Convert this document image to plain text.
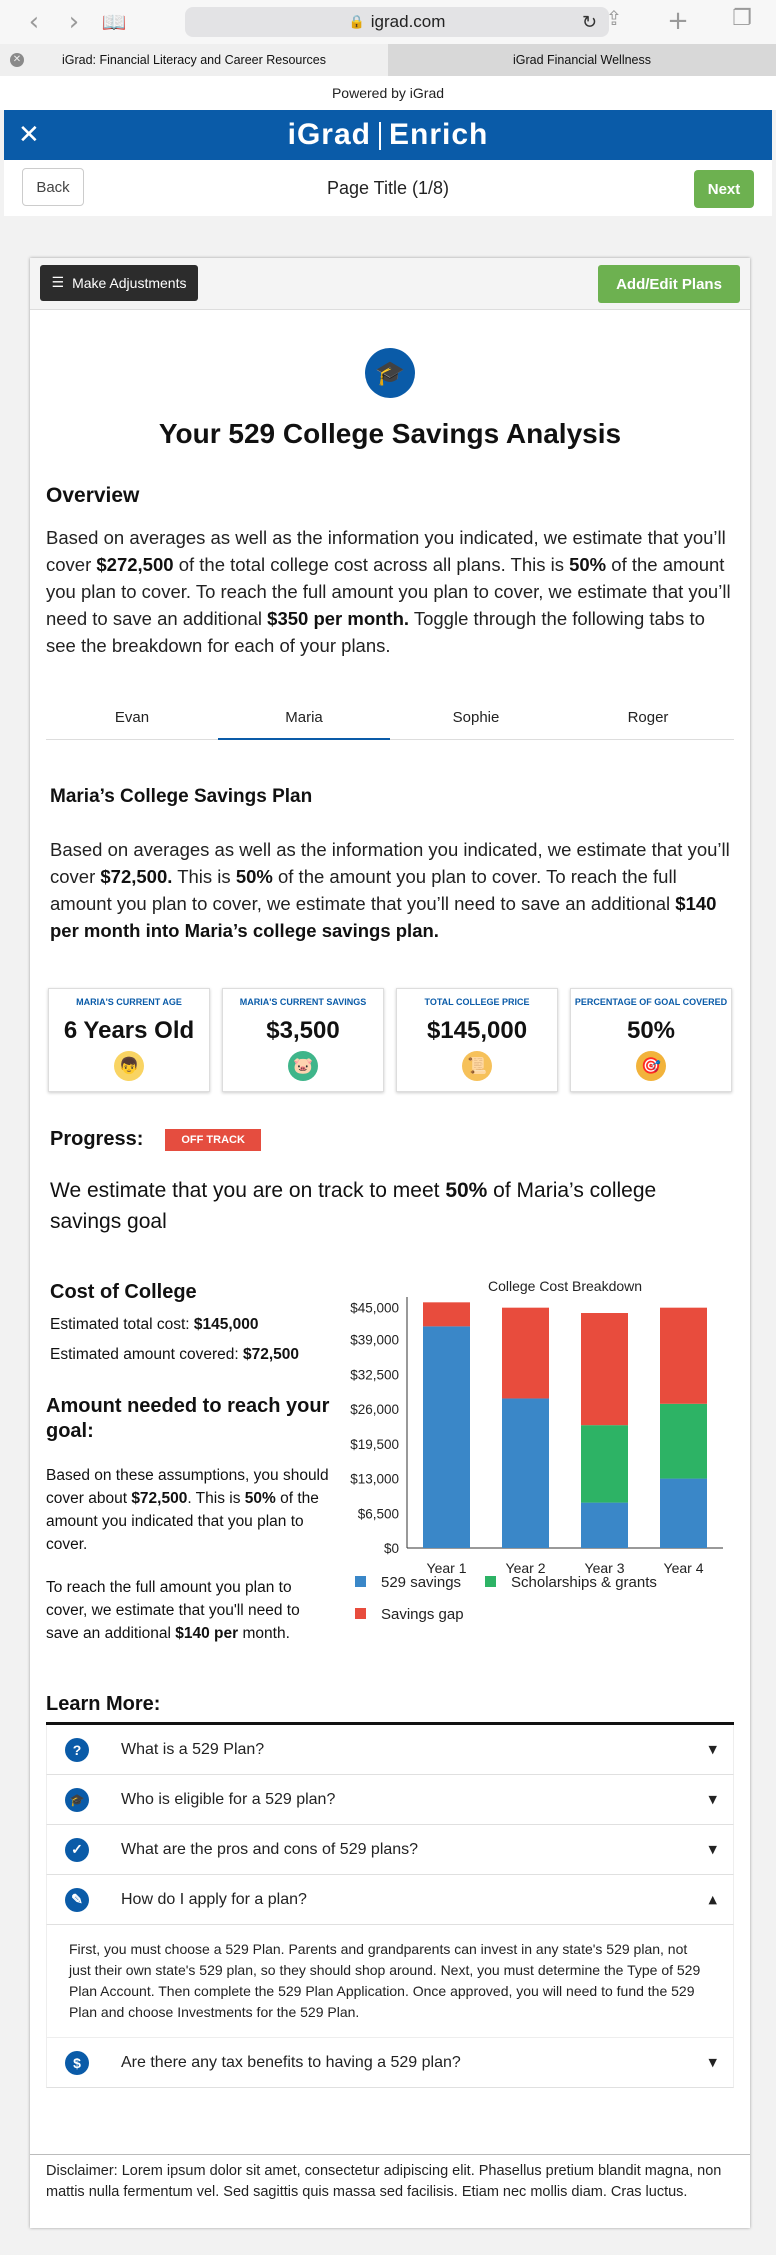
‹	›	📖	🔒 igrad.com	↻ ⇪	+	❐
✕	iGrad: Financial Literacy and Career Resources	iGrad Financial Wellness
Powered by iGrad
✕	iGrad Enrich
Back	Page Title (1/8)	Next
☰ Make Adjustments	Add/Edit Plans
🎓
Your 529 College Savings Analysis
Overview

Based on averages as well as the information you indicated, we estimate that you’ll cover $272,500 of the total college cost across all plans. This is 50% of the amount you plan to cover. To reach the full amount you plan to cover, we estimate that you’ll need to save an additional $350 per month. Toggle through the following tabs to see the breakdown for each of your plans.

Evan	Maria	Sophie	Roger
Maria’s College Savings Plan

Based on averages as well as the information you indicated, we estimate that you’ll cover $72,500. This is 50% of the amount you plan to cover. To reach the full amount you plan to cover, we estimate that you’ll need to save an additional $140 per month into Maria’s college savings plan.

MARIA'S CURRENT AGE
6 Years Old
👦
MARIA'S CURRENT SAVINGS
$3,500
🐷
TOTAL COLLEGE PRICE
$145,000
📜
PERCENTAGE OF GOAL COVERED
50%
🎯
Progress:	OFF TRACK

We estimate that you are on track to meet 50% of Maria’s college savings goal

Cost of College
Estimated total cost: $145,000
Estimated amount covered: $72,500
Amount needed to reach your goal:

Based on these assumptions, you should cover about $72,500. This is 50% of the amount you indicated that you plan to cover.

To reach the full amount you plan to cover, we estimate that you'll need to save an additional $140 per month.

College Cost Breakdown
$0
$6,500
$13,000
$19,500
$26,000
$32,500
$39,000
$45,000
Year 1	Year 2	Year 3	Year 4
529 savings	Scholarships & grants
Savings gap
Learn More:
?	What is a 529 Plan?	▼
🎓 Who is eligible for a 529 plan?	▼
✓	What are the pros and cons of 529 plans?	▼
✎	How do I apply for a plan?	▲
First, you must choose a 529 Plan. Parents and grandparents can invest in any state's 529 plan, not just their own state's 529 plan, so they should shop around. Next, you must determine the Type of 529 Plan Account. Then complete the 529 Plan Application. Once approved, you will need to fund the 529 Plan and choose Investments for the 529 Plan.
$	Are there any tax benefits to having a 529 plan?	▼
Disclaimer: Lorem ipsum dolor sit amet, consectetur adipiscing elit. Phasellus pretium blandit magna, non mattis nulla fermentum vel. Sed sagittis quis massa sed facilisis. Etiam nec mollis diam. Cras luctus.
